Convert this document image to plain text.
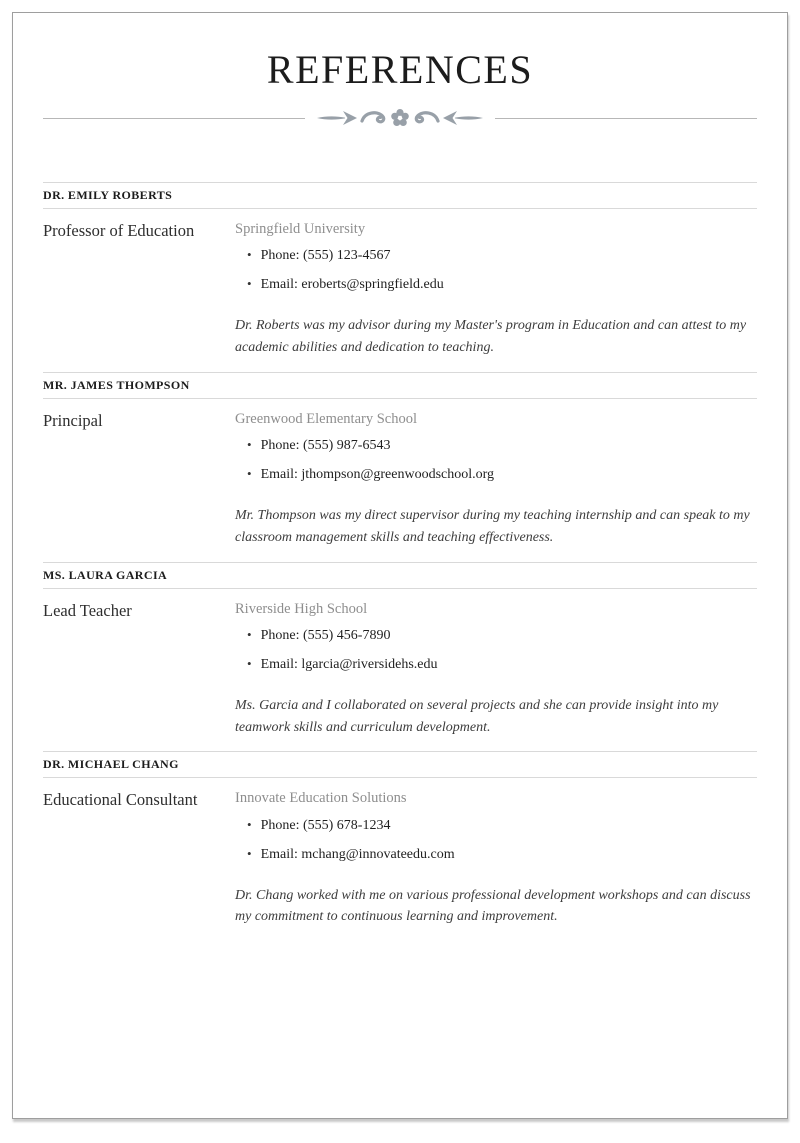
REFERENCES
DR. EMILY ROBERTS
Professor of Education	Springfield University
• Phone: (555) 123-4567
• Email: eroberts@springfield.edu

Dr. Roberts was my advisor during my Master's program in Education and can attest to my academic abilities and dedication to teaching.

MR. JAMES THOMPSON
Principal	Greenwood Elementary School
• Phone: (555) 987-6543
• Email: jthompson@greenwoodschool.org

Mr. Thompson was my direct supervisor during my teaching internship and can speak to my classroom management skills and teaching effectiveness.

MS. LAURA GARCIA
Lead Teacher	Riverside High School
• Phone: (555) 456-7890
• Email: lgarcia@riversidehs.edu

Ms. Garcia and I collaborated on several projects and she can provide insight into my teamwork skills and curriculum development.

DR. MICHAEL CHANG
Educational Consultant	Innovate Education Solutions
• Phone: (555) 678-1234
• Email: mchang@innovateedu.com

Dr. Chang worked with me on various professional development workshops and can discuss my commitment to continuous learning and improvement.
